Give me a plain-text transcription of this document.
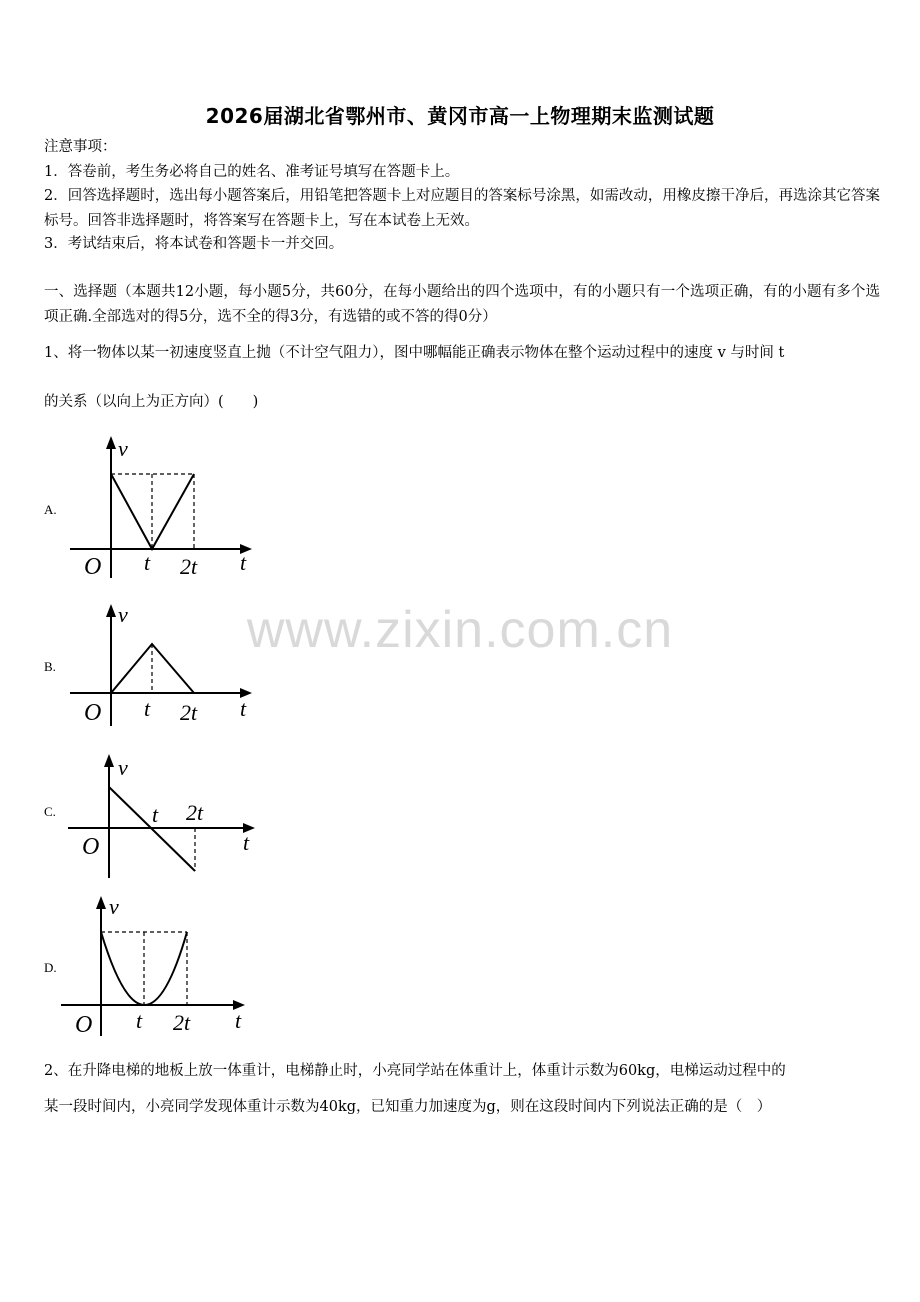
www.zixin.com.cn
2026届湖北省鄂州市、黄冈市高一上物理期末监测试题
注意事项：
1．答卷前，考生务必将自己的姓名、准考证号填写在答题卡上。
2．回答选择题时，选出每小题答案后，用铅笔把答题卡上对应题目的答案标号涂黑，如需改动，用橡皮擦干净后，再选涂其它答案标号。回答非选择题时，将答案写在答题卡上，写在本试卷上无效。
3．考试结束后，将本试卷和答题卡一并交回。
一、选择题（本题共12小题，每小题5分，共60分，在每小题给出的四个选项中，有的小题只有一个选项正确，有的小题有多个选项正确.全部选对的得5分，选不全的得3分，有选错的或不答的得0分）
1、将一物体以某一初速度竖直上抛（不计空气阻力），图中哪幅能正确表示物体在整个运动过程中的速度 v 与时间 t
的关系（以向上为正方向）(　　)
A.
v
O t 2t t
B.
v
O t 2t t
C.
v
O
t 2t
t
D.
v
O t 2t t
2、在升降电梯的地板上放一体重计，电梯静止时，小亮同学站在体重计上，体重计示数为60kg，电梯运动过程中的
某一段时间内，小亮同学发现体重计示数为40kg，已知重力加速度为g，则在这段时间内下列说法正确的是（　）
